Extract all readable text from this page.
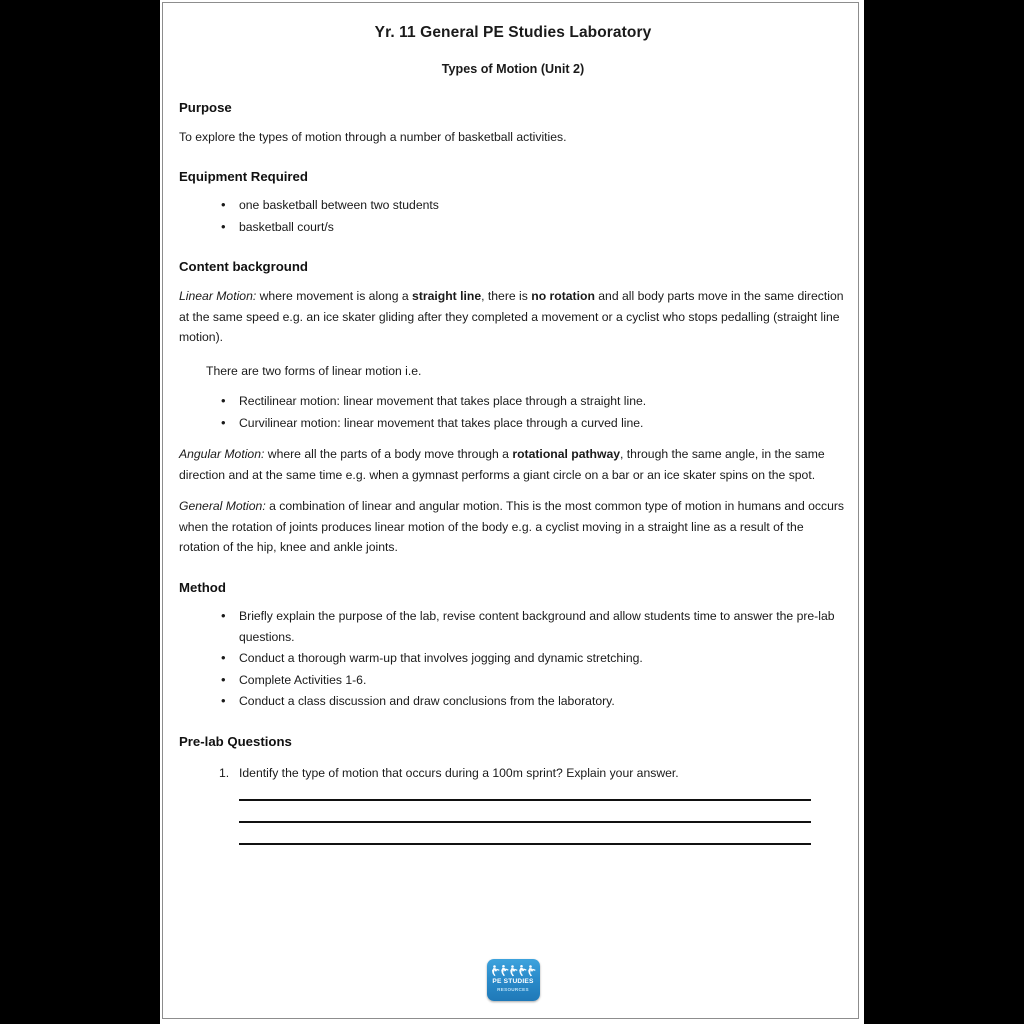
Yr. 11 General PE Studies Laboratory
Types of Motion (Unit 2)
Purpose

To explore the types of motion through a number of basketball activities.

Equipment Required
• one basketball between two students
• basketball court/s
Content background

Linear Motion: where movement is along a straight line, there is no rotation and all body parts move in the same direction at the same speed e.g. an ice skater gliding after they completed a movement or a cyclist who stops pedalling (straight line motion).

There are two forms of linear motion i.e.

• Rectilinear motion: linear movement that takes place through a straight line.
• Curvilinear motion: linear movement that takes place through a curved line.

Angular Motion: where all the parts of a body move through a rotational pathway, through the same angle, in the same direction and at the same time e.g. when a gymnast performs a giant circle on a bar or an ice skater spins on the spot.

General Motion: a combination of linear and angular motion. This is the most common type of motion in humans and occurs when the rotation of joints produces linear motion of the body e.g. a cyclist moving in a straight line as a result of the rotation of the hip, knee and ankle joints.

Method
• Briefly explain the purpose of the lab, revise content background and allow students time to answer the pre-lab questions.
• Conduct a thorough warm-up that involves jogging and dynamic stretching.
• Complete Activities 1-6.
• Conduct a class discussion and draw conclusions from the laboratory.
Pre-lab Questions
Identify the type of motion that occurs during a 100m sprint? Explain your answer.
PE STUDIES
RESOURCES
